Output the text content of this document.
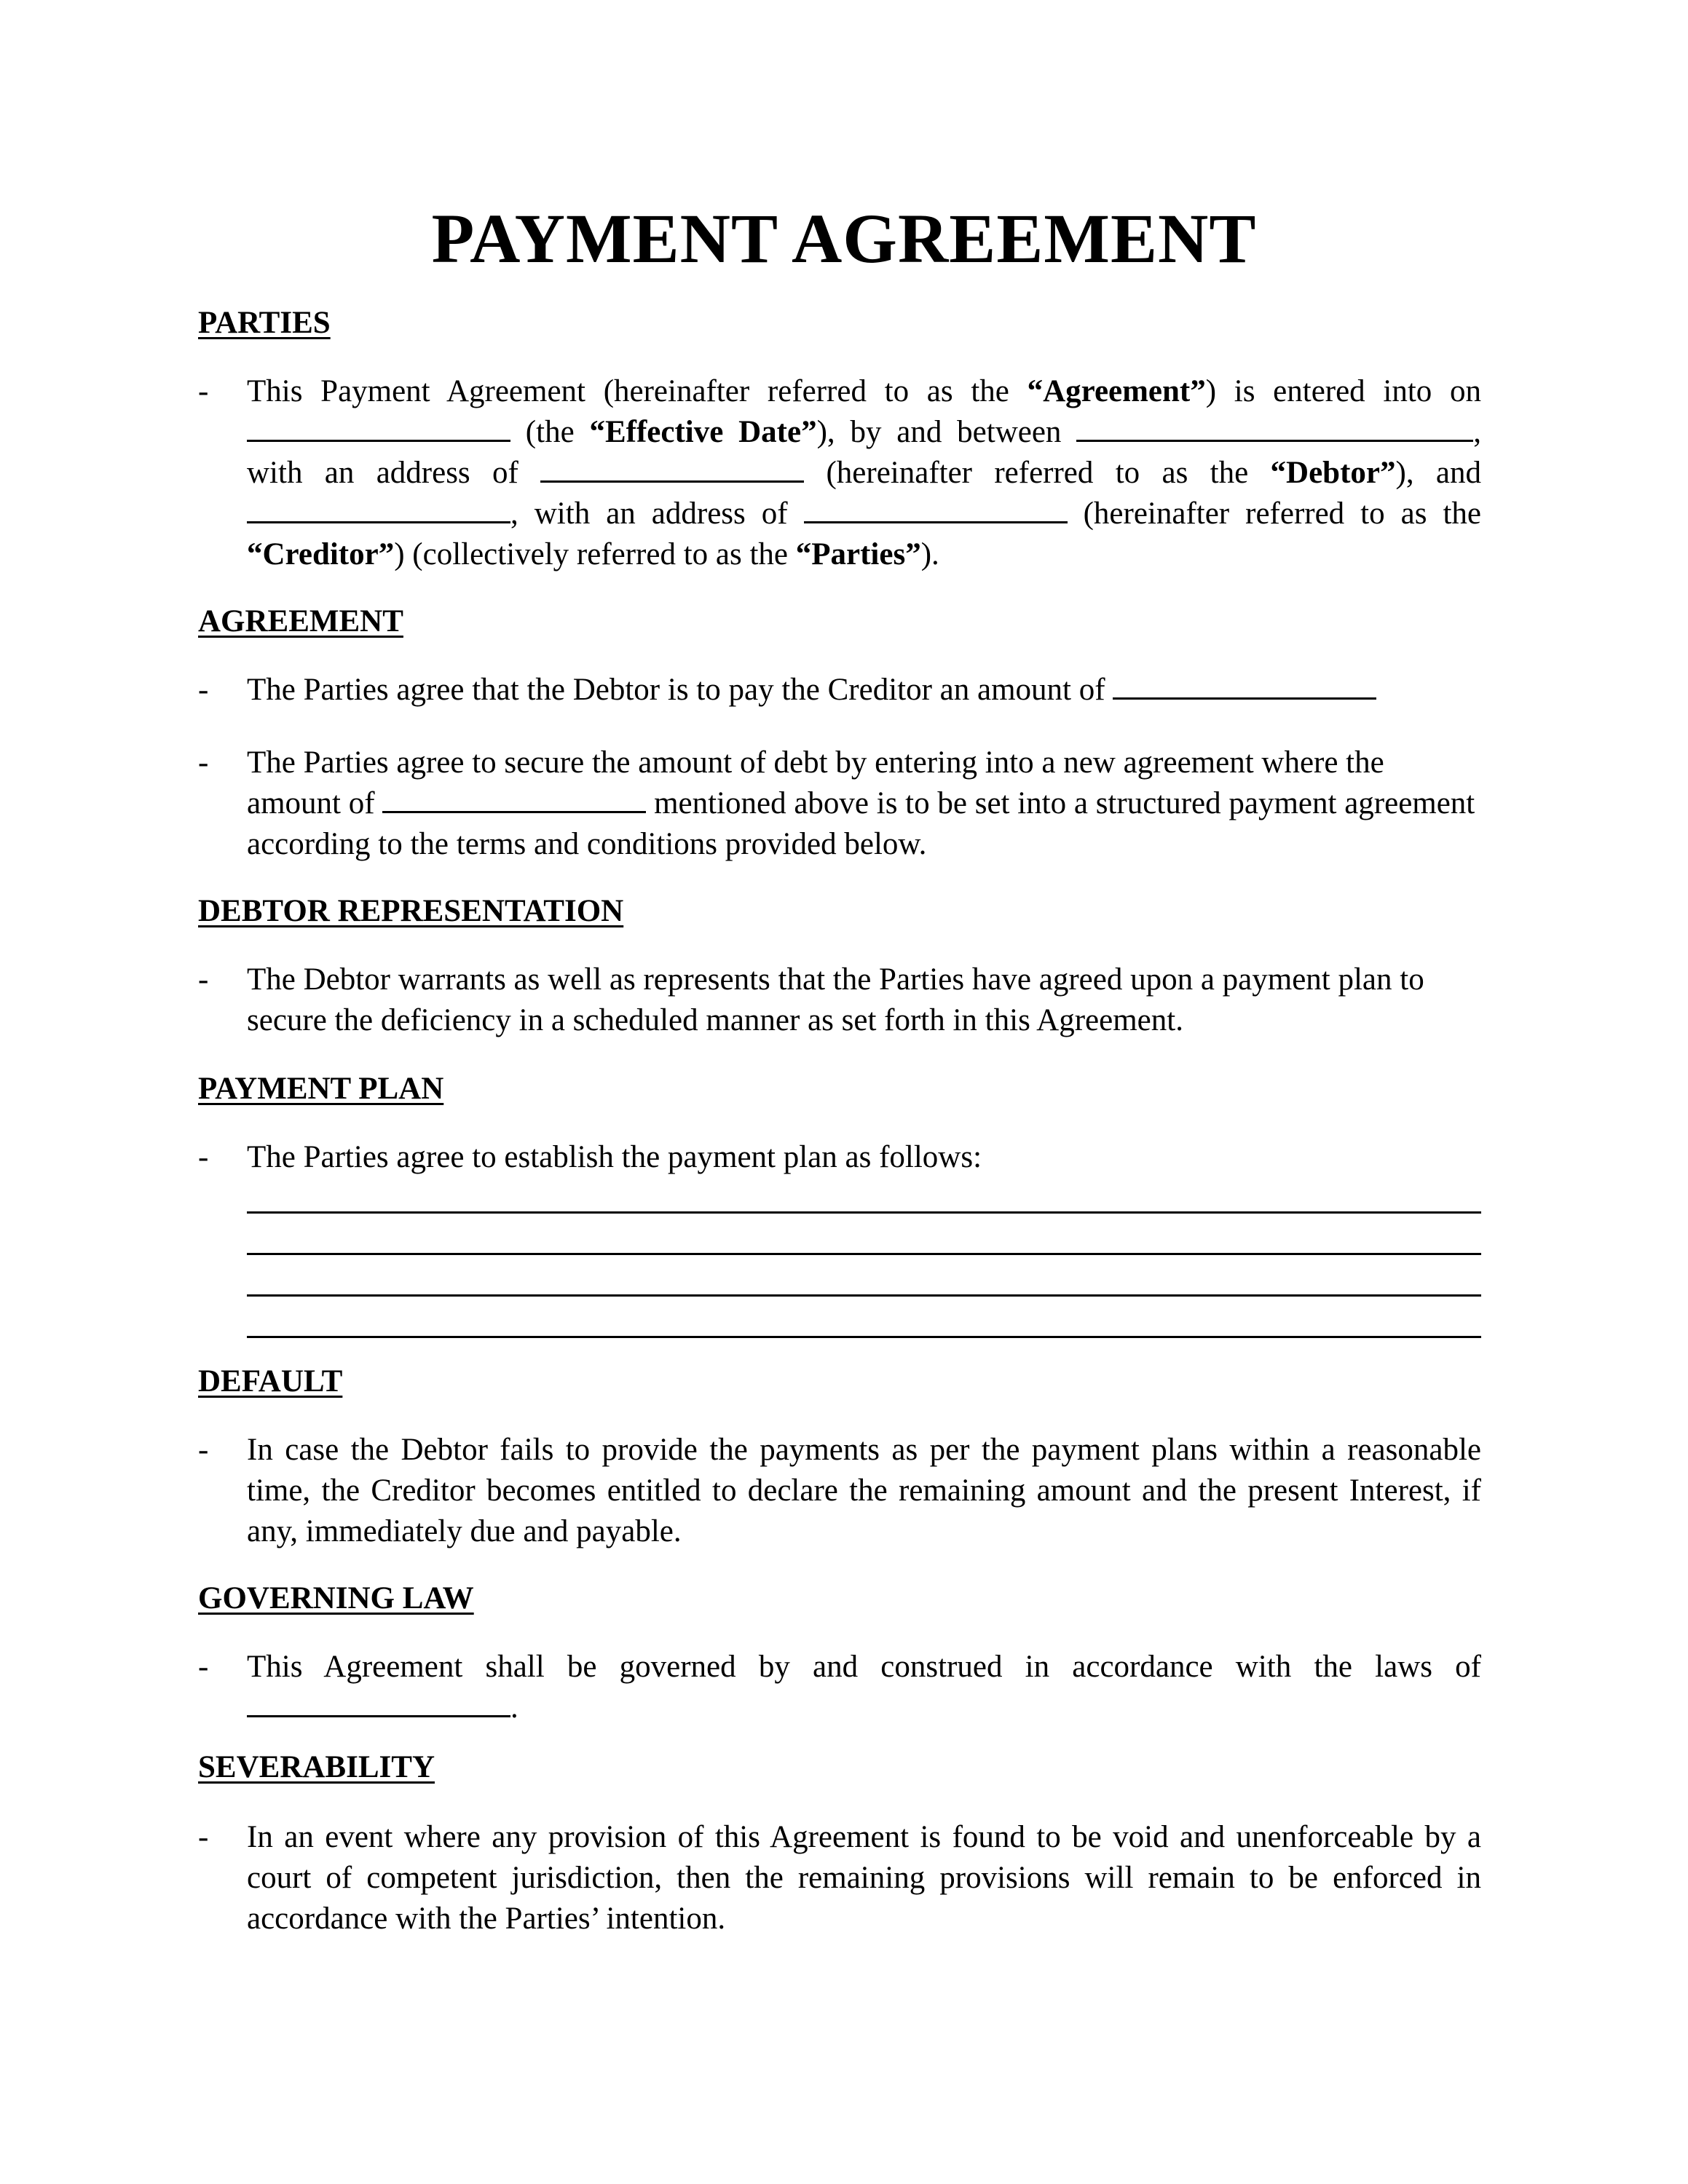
PAYMENT AGREEMENT
PARTIES
- This Payment Agreement (hereinafter referred to as the “Agreement”) is entered into on  (the “Effective Date”), by and between	, with an address of	(hereinafter referred to as the “Debtor”), and , with an address of	(hereinafter referred to as the “Creditor”) (collectively referred to as the “Parties”).
AGREEMENT
- The Parties agree that the Debtor is to pay the Creditor an amount of
- The Parties agree to secure the amount of debt by entering into a new agreement where the amount of	mentioned above is to be set into a structured payment agreement according to the terms and conditions provided below.
DEBTOR REPRESENTATION
- The Debtor warrants as well as represents that the Parties have agreed upon a payment plan to secure the deficiency in a scheduled manner as set forth in this Agreement.
PAYMENT PLAN
- The Parties agree to establish the payment plan as follows:
DEFAULT
- In case the Debtor fails to provide the payments as per the payment plans within a reasonable time, the Creditor becomes entitled to declare the remaining amount and the present Interest, if any, immediately due and payable.
GOVERNING LAW
- This Agreement shall be governed by and construed in accordance with the laws of .
SEVERABILITY
- In an event where any provision of this Agreement is found to be void and unenforceable by a court of competent jurisdiction, then the remaining provisions will remain to be enforced in accordance with the Parties’ intention.
